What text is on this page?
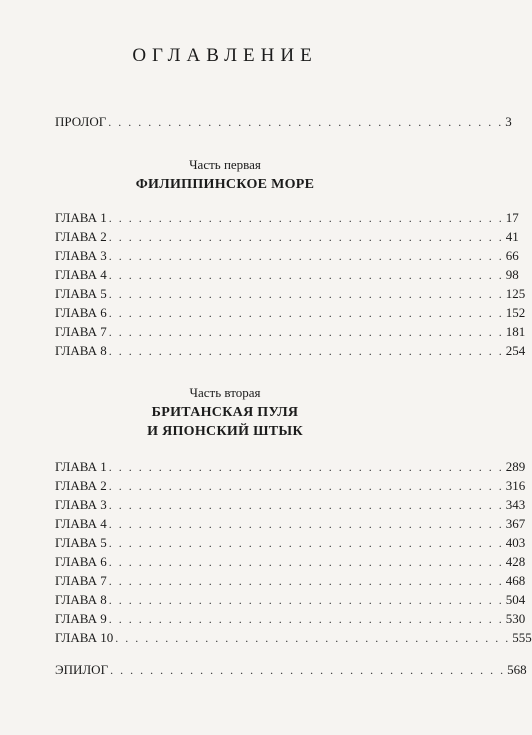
ОГЛАВЛЕНИЕ
ПРОЛОГ . . . . . . . . . . . . . . . . . . . . . . . . . . . . . . . . . . . . . . . . 3
Часть первая
ФИЛИППИНСКОЕ МОРЕ
ГЛАВА 1 . . . . . . . . . . . . . . . . . . . . . . . . . . . . . . . . . . . . . . . . 17
ГЛАВА 2 . . . . . . . . . . . . . . . . . . . . . . . . . . . . . . . . . . . . . . . . 41
ГЛАВА 3 . . . . . . . . . . . . . . . . . . . . . . . . . . . . . . . . . . . . . . . . 66
ГЛАВА 4 . . . . . . . . . . . . . . . . . . . . . . . . . . . . . . . . . . . . . . . . 98
ГЛАВА 5 . . . . . . . . . . . . . . . . . . . . . . . . . . . . . . . . . . . . . . . . 125
ГЛАВА 6 . . . . . . . . . . . . . . . . . . . . . . . . . . . . . . . . . . . . . . . . 152
ГЛАВА 7 . . . . . . . . . . . . . . . . . . . . . . . . . . . . . . . . . . . . . . . . 181
ГЛАВА 8 . . . . . . . . . . . . . . . . . . . . . . . . . . . . . . . . . . . . . . . . 254
Часть вторая
БРИТАНСКАЯ ПУЛЯ
И ЯПОНСКИЙ ШТЫК
ГЛАВА 1 . . . . . . . . . . . . . . . . . . . . . . . . . . . . . . . . . . . . . . . . 289
ГЛАВА 2 . . . . . . . . . . . . . . . . . . . . . . . . . . . . . . . . . . . . . . . . 316
ГЛАВА 3 . . . . . . . . . . . . . . . . . . . . . . . . . . . . . . . . . . . . . . . . 343
ГЛАВА 4 . . . . . . . . . . . . . . . . . . . . . . . . . . . . . . . . . . . . . . . . 367
ГЛАВА 5 . . . . . . . . . . . . . . . . . . . . . . . . . . . . . . . . . . . . . . . . 403
ГЛАВА 6 . . . . . . . . . . . . . . . . . . . . . . . . . . . . . . . . . . . . . . . . 428
ГЛАВА 7 . . . . . . . . . . . . . . . . . . . . . . . . . . . . . . . . . . . . . . . . 468
ГЛАВА 8 . . . . . . . . . . . . . . . . . . . . . . . . . . . . . . . . . . . . . . . . 504
ГЛАВА 9 . . . . . . . . . . . . . . . . . . . . . . . . . . . . . . . . . . . . . . . . 530
ГЛАВА 10 . . . . . . . . . . . . . . . . . . . . . . . . . . . . . . . . . . . . . . . . 555
ЭПИЛОГ . . . . . . . . . . . . . . . . . . . . . . . . . . . . . . . . . . . . . . . . 568
